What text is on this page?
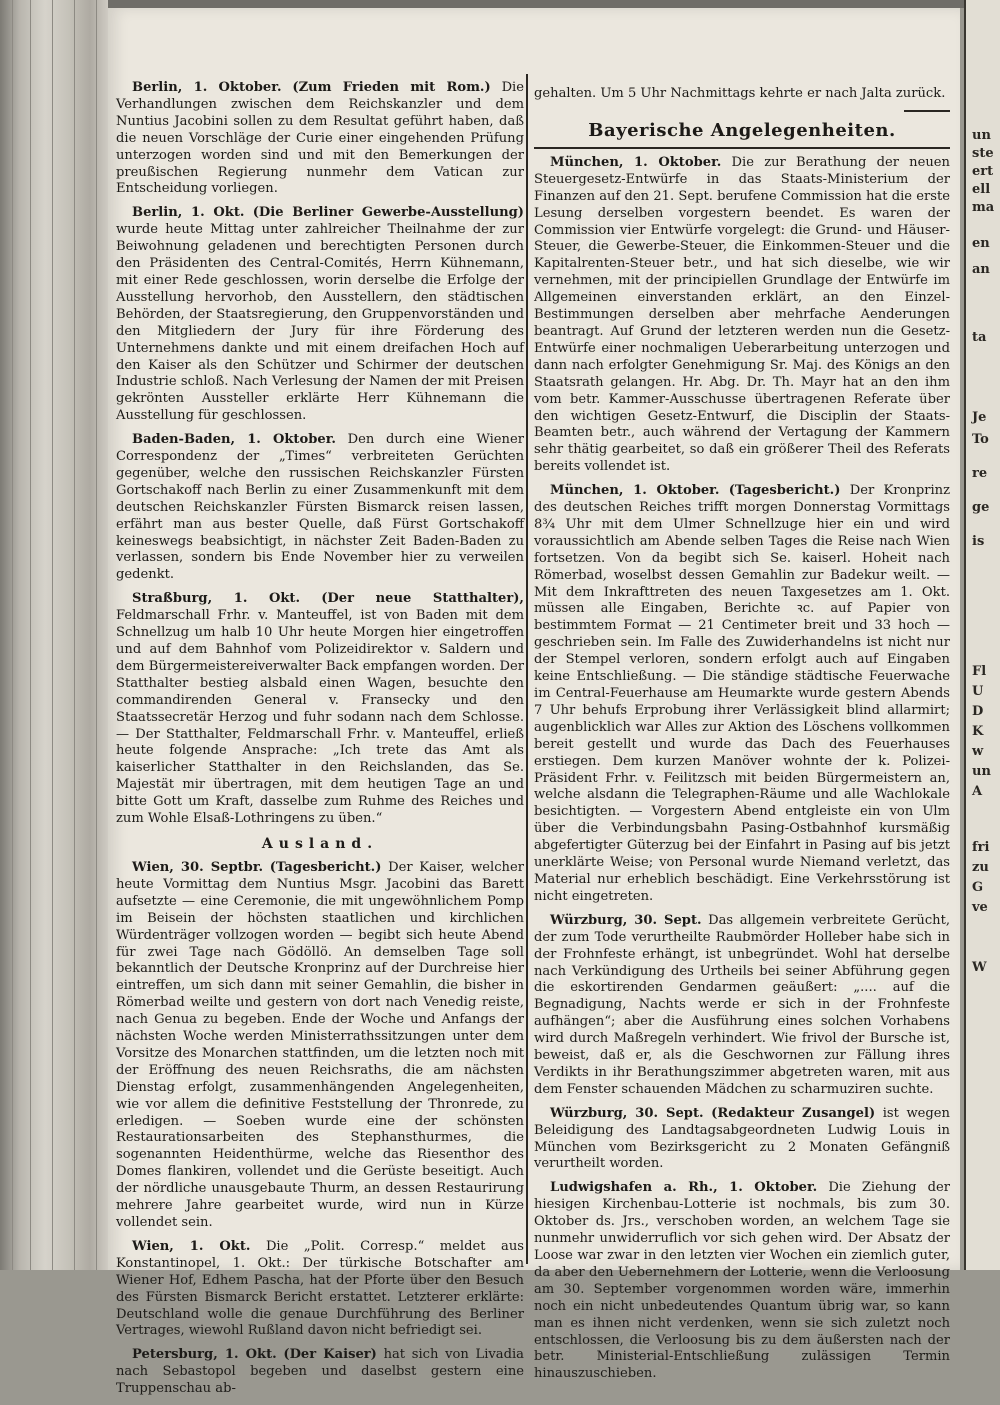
Berlin, 1. Oktober. (Zum Frieden mit Rom.) Die Verhandlungen zwischen dem Reichskanzler und dem Nuntius Jacobini sollen zu dem Resultat geführt haben, daß die neuen Vorschläge der Curie einer eingehenden Prüfung unterzogen worden sind und mit den Bemerkungen der preußischen Regierung nunmehr dem Vatican zur Entscheidung vorliegen.

Berlin, 1. Okt. (Die Berliner Gewerbe-Ausstellung) wurde heute Mittag unter zahlreicher Theilnahme der zur Beiwohnung geladenen und berechtigten Personen durch den Präsidenten des Central-Comités, Herrn Kühnemann, mit einer Rede geschlossen, worin derselbe die Erfolge der Ausstellung hervorhob, den Ausstellern, den städtischen Behörden, der Staatsregierung, den Gruppenvorständen und den Mitgliedern der Jury für ihre Förderung des Unternehmens dankte und mit einem dreifachen Hoch auf den Kaiser als den Schützer und Schirmer der deutschen Industrie schloß. Nach Verlesung der Namen der mit Preisen gekrönten Aussteller erklärte Herr Kühnemann die Ausstellung für geschlossen.

Baden-Baden, 1. Oktober. Den durch eine Wiener Correspondenz der „Times“ verbreiteten Gerüchten gegenüber, welche den russischen Reichskanzler Fürsten Gortschakoff nach Berlin zu einer Zusammenkunft mit dem deutschen Reichskanzler Fürsten Bismarck reisen lassen, erfährt man aus bester Quelle, daß Fürst Gortschakoff keineswegs beabsichtigt, in nächster Zeit Baden-Baden zu verlassen, sondern bis Ende November hier zu verweilen gedenkt.

Straßburg, 1. Okt. (Der neue Statthalter), Feldmarschall Frhr. v. Manteuffel, ist von Baden mit dem Schnellzug um halb 10 Uhr heute Morgen hier eingetroffen und auf dem Bahnhof vom Polizeidirektor v. Saldern und dem Bürgermeistereiverwalter Back empfangen worden. Der Statthalter bestieg alsbald einen Wagen, besuchte den commandirenden General v. Fransecky und den Staatssecretär Herzog und fuhr sodann nach dem Schlosse. — Der Statthalter, Feldmarschall Frhr. v. Manteuffel, erließ heute folgende Ansprache: „Ich trete das Amt als kaiserlicher Statthalter in den Reichslanden, das Se. Majestät mir übertragen, mit dem heutigen Tage an und bitte Gott um Kraft, dasselbe zum Ruhme des Reiches und zum Wohle Elsaß-Lothringens zu üben.“

Ausland.

Wien, 30. Septbr. (Tagesbericht.) Der Kaiser, welcher heute Vormittag dem Nuntius Msgr. Jacobini das Barett aufsetzte — eine Ceremonie, die mit ungewöhnlichem Pomp im Beisein der höchsten staatlichen und kirchlichen Würdenträger vollzogen worden — begibt sich heute Abend für zwei Tage nach Gödöllö. An demselben Tage soll bekanntlich der Deutsche Kronprinz auf der Durchreise hier eintreffen, um sich dann mit seiner Gemahlin, die bisher in Römerbad weilte und gestern von dort nach Venedig reiste, nach Genua zu begeben. Ende der Woche und Anfangs der nächsten Woche werden Ministerrathssitzungen unter dem Vorsitze des Monarchen stattfinden, um die letzten noch mit der Eröffnung des neuen Reichsraths, die am nächsten Dienstag erfolgt, zusammenhängenden Angelegenheiten, wie vor allem die definitive Feststellung der Thronrede, zu erledigen. — Soeben wurde eine der schönsten Restaurationsarbeiten des Stephansthurmes, die sogenannten Heidenthürme, welche das Riesenthor des Domes flankiren, vollendet und die Gerüste beseitigt. Auch der nördliche unausgebaute Thurm, an dessen Restaurirung mehrere Jahre gearbeitet wurde, wird nun in Kürze vollendet sein.

Wien, 1. Okt. Die „Polit. Corresp.“ meldet aus Konstantinopel, 1. Okt.: Der türkische Botschafter am Wiener Hof, Edhem Pascha, hat der Pforte über den Besuch des Fürsten Bismarck Bericht erstattet. Letzterer erklärte: Deutschland wolle die genaue Durchführung des Berliner Vertrages, wiewohl Rußland davon nicht befriedigt sei.

Petersburg, 1. Okt. (Der Kaiser) hat sich von Livadia nach Sebastopol begeben und daselbst gestern eine Truppenschau ab-

gehalten. Um 5 Uhr Nachmittags kehrte er nach Jalta zurück.

Bayerische Angelegenheiten.

München, 1. Oktober. Die zur Berathung der neuen Steuergesetz-Entwürfe in das Staats-Ministerium der Finanzen auf den 21. Sept. berufene Commission hat die erste Lesung derselben vorgestern beendet. Es waren der Commission vier Entwürfe vorgelegt: die Grund- und Häuser-Steuer, die Gewerbe-Steuer, die Einkommen-Steuer und die Kapitalrenten-Steuer betr., und hat sich dieselbe, wie wir vernehmen, mit der principiellen Grundlage der Entwürfe im Allgemeinen einverstanden erklärt, an den Einzel-Bestimmungen derselben aber mehrfache Aenderungen beantragt. Auf Grund der letzteren werden nun die Gesetz-Entwürfe einer nochmaligen Ueberarbeitung unterzogen und dann nach erfolgter Genehmigung Sr. Maj. des Königs an den Staatsrath gelangen. Hr. Abg. Dr. Th. Mayr hat an den ihm vom betr. Kammer-Ausschusse übertragenen Referate über den wichtigen Gesetz-Entwurf, die Disciplin der Staats-Beamten betr., auch während der Vertagung der Kammern sehr thätig gearbeitet, so daß ein größerer Theil des Referats bereits vollendet ist.

München, 1. Oktober. (Tagesbericht.) Der Kronprinz des deutschen Reiches trifft morgen Donnerstag Vormittags 8¾ Uhr mit dem Ulmer Schnellzuge hier ein und wird voraussichtlich am Abende selben Tages die Reise nach Wien fortsetzen. Von da begibt sich Se. kaiserl. Hoheit nach Römerbad, woselbst dessen Gemahlin zur Badekur weilt. — Mit dem Inkrafttreten des neuen Taxgesetzes am 1. Okt. müssen alle Eingaben, Berichte ꝛc. auf Papier von bestimmtem Format — 21 Centimeter breit und 33 hoch — geschrieben sein. Im Falle des Zuwiderhandelns ist nicht nur der Stempel verloren, sondern erfolgt auch auf Eingaben keine Entschließung. — Die ständige städtische Feuerwache im Central-Feuerhause am Heumarkte wurde gestern Abends 7 Uhr behufs Erprobung ihrer Verlässigkeit blind allarmirt; augenblicklich war Alles zur Aktion des Löschens vollkommen bereit gestellt und wurde das Dach des Feuerhauses erstiegen. Dem kurzen Manöver wohnte der k. Polizei-Präsident Frhr. v. Feilitzsch mit beiden Bürgermeistern an, welche alsdann die Telegraphen-Räume und alle Wachlokale besichtigten. — Vorgestern Abend entgleiste ein von Ulm über die Verbindungsbahn Pasing-Ostbahnhof kursmäßig abgefertigter Güterzug bei der Einfahrt in Pasing auf bis jetzt unerklärte Weise; von Personal wurde Niemand verletzt, das Material nur erheblich beschädigt. Eine Verkehrsstörung ist nicht eingetreten.

Würzburg, 30. Sept. Das allgemein verbreitete Gerücht, der zum Tode verurtheilte Raubmörder Holleber habe sich in der Frohnfeste erhängt, ist unbegründet. Wohl hat derselbe nach Verkündigung des Urtheils bei seiner Abführung gegen die eskortirenden Gendarmen geäußert: „.... auf die Begnadigung, Nachts werde er sich in der Frohnfeste aufhängen“; aber die Ausführung eines solchen Vorhabens wird durch Maßregeln verhindert. Wie frivol der Bursche ist, beweist, daß er, als die Geschwornen zur Fällung ihres Verdikts in ihr Berathungszimmer abgetreten waren, mit aus dem Fenster schauenden Mädchen zu scharmuziren suchte.

Würzburg, 30. Sept. (Redakteur Zusangel) ist wegen Beleidigung des Landtagsabgeordneten Ludwig Louis in München vom Bezirksgericht zu 2 Monaten Gefängniß verurtheilt worden.

Ludwigshafen a. Rh., 1. Oktober. Die Ziehung der hiesigen Kirchenbau-Lotterie ist nochmals, bis zum 30. Oktober ds. Jrs., verschoben worden, an welchem Tage sie nunmehr unwiderruflich vor sich gehen wird. Der Absatz der Loose war zwar in den letzten vier Wochen ein ziemlich guter, da aber den Uebernehmern der Lotterie, wenn die Verloosung am 30. September vorgenommen worden wäre, immerhin noch ein nicht unbedeutendes Quantum übrig war, so kann man es ihnen nicht verdenken, wenn sie sich zuletzt noch entschlossen, die Verloosung bis zu dem äußersten nach der betr. Ministerial-Entschließung zulässigen Termin hinauszuschieben.

un
ste
ert
ell
ma
en
an
ta
Je
To
re
ge
is
Fl
U
D
K
w
un
A
fri
zu
G
ve
W
